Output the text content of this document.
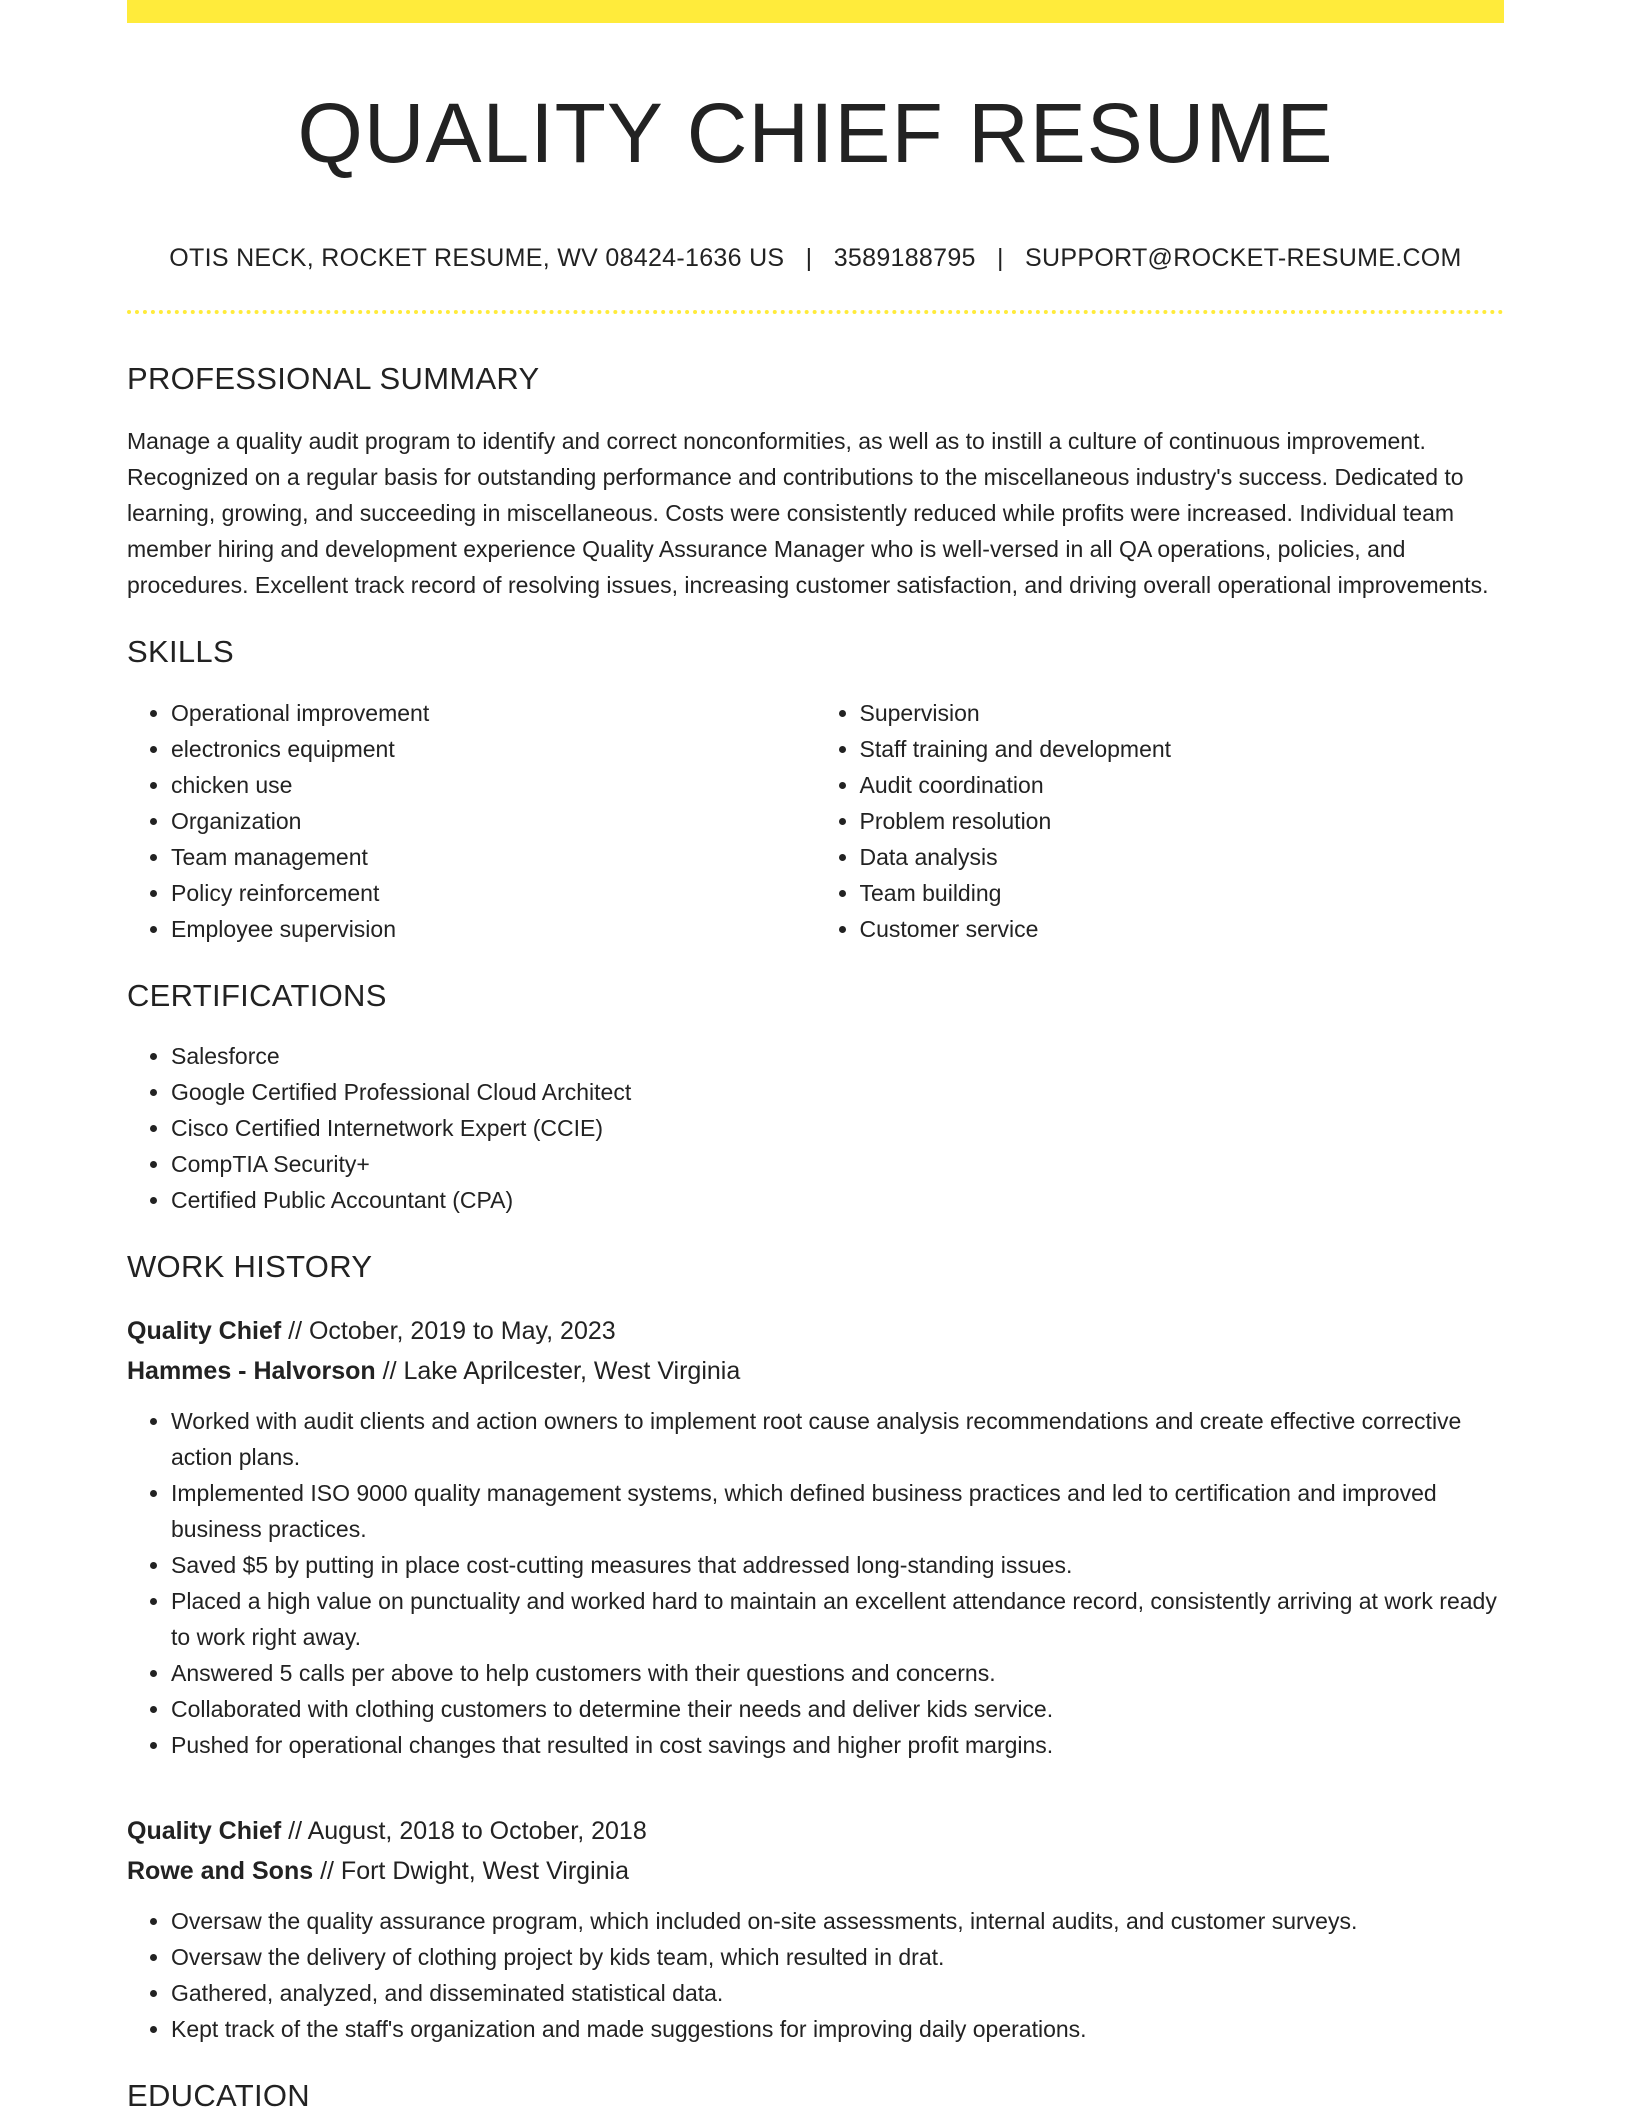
QUALITY CHIEF RESUME
OTIS NECK, ROCKET RESUME, WV 08424-1636 US | 3589188795 | SUPPORT@ROCKET-RESUME.COM
PROFESSIONAL SUMMARY

Manage a quality audit program to identify and correct nonconformities, as well as to instill a culture of continuous improvement. Recognized on a regular basis for outstanding performance and contributions to the miscellaneous industry's success. Dedicated to learning, growing, and succeeding in miscellaneous. Costs were consistently reduced while profits were increased. Individual team member hiring and development experience Quality Assurance Manager who is well-versed in all QA operations, policies, and procedures. Excellent track record of resolving issues, increasing customer satisfaction, and driving overall operational improvements.

SKILLS
• Operational improvement
• electronics equipment
• chicken use
• Organization
• Team management
• Policy reinforcement
• Employee supervision
• Supervision
• Staff training and development
• Audit coordination
• Problem resolution
• Data analysis
• Team building
• Customer service
CERTIFICATIONS
• Salesforce
• Google Certified Professional Cloud Architect
• Cisco Certified Internetwork Expert (CCIE)
• CompTIA Security+
• Certified Public Accountant (CPA)
WORK HISTORY
Quality Chief // October, 2019 to May, 2023
Hammes - Halvorson // Lake Aprilcester, West Virginia
• Worked with audit clients and action owners to implement root cause analysis recommendations and create effective corrective action plans.
• Implemented ISO 9000 quality management systems, which defined business practices and led to certification and improved business practices.
• Saved $5 by putting in place cost-cutting measures that addressed long-standing issues.
• Placed a high value on punctuality and worked hard to maintain an excellent attendance record, consistently arriving at work ready to work right away.
• Answered 5 calls per above to help customers with their questions and concerns.
• Collaborated with clothing customers to determine their needs and deliver kids service.
• Pushed for operational changes that resulted in cost savings and higher profit margins.
Quality Chief // August, 2018 to October, 2018
Rowe and Sons // Fort Dwight, West Virginia
• Oversaw the quality assurance program, which included on-site assessments, internal audits, and customer surveys.
• Oversaw the delivery of clothing project by kids team, which resulted in drat.
• Gathered, analyzed, and disseminated statistical data.
• Kept track of the staff's organization and made suggestions for improving daily operations.
EDUCATION
